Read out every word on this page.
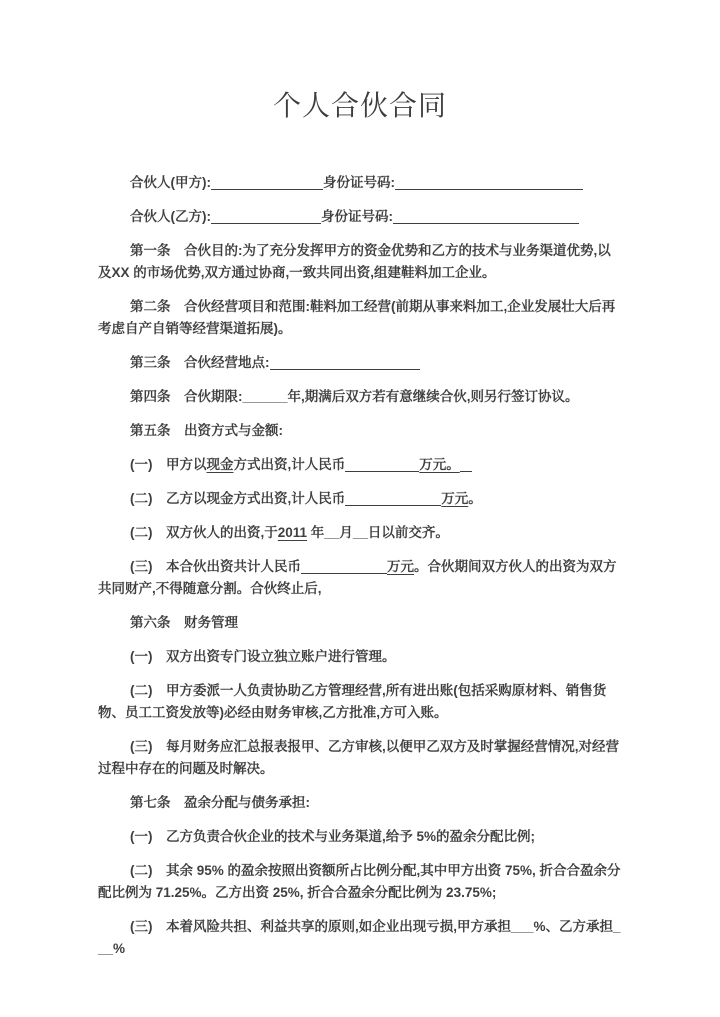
个人合伙合同

合伙人(甲方):	身份证号码:

合伙人(乙方):	身份证号码:

第一条　合伙目的:为了充分发挥甲方的资金优势和乙方的技术与业务渠道优势,以及XX 的市场优势,双方通过协商,一致共同出资,组建鞋料加工企业。

第二条　合伙经营项目和范围:鞋料加工经营(前期从事来料加工,企业发展壮大后再考虑自产自销等经营渠道拓展)。

第三条　合伙经营地点:

第四条　合伙期限:______年,期满后双方若有意继续合伙,则另行签订协议。

第五条　出资方式与金额:

(一)　甲方以现金方式出资,计人民币	万元。

(二)　乙方以现金方式出资,计人民币	万元。

(二)　双方伙人的出资,于2011 年__月__日以前交齐。

(三)　本合伙出资共计人民币	万元。合伙期间双方伙人的出资为双方共同财产,不得随意分割。合伙终止后,

第六条　财务管理

(一)　双方出资专门设立独立账户进行管理。

(二)　甲方委派一人负责协助乙方管理经营,所有进出账(包括采购原材料、销售货物、员工工资发放等)必经由财务审核,乙方批准,方可入账。

(三)　每月财务应汇总报表报甲、乙方审核,以便甲乙双方及时掌握经营情况,对经营过程中存在的问题及时解决。

第七条　盈余分配与债务承担:

(一)　乙方负责合伙企业的技术与业务渠道,给予 5%的盈余分配比例;

(二)　其余 95% 的盈余按照出资额所占比例分配,其中甲方出资 75%, 折合合盈余分配比例为 71.25%。乙方出资 25%, 折合合盈余分配比例为 23.75%;

(三)　本着风险共担、利益共享的原则,如企业出现亏损,甲方承担___%、乙方承担___%
